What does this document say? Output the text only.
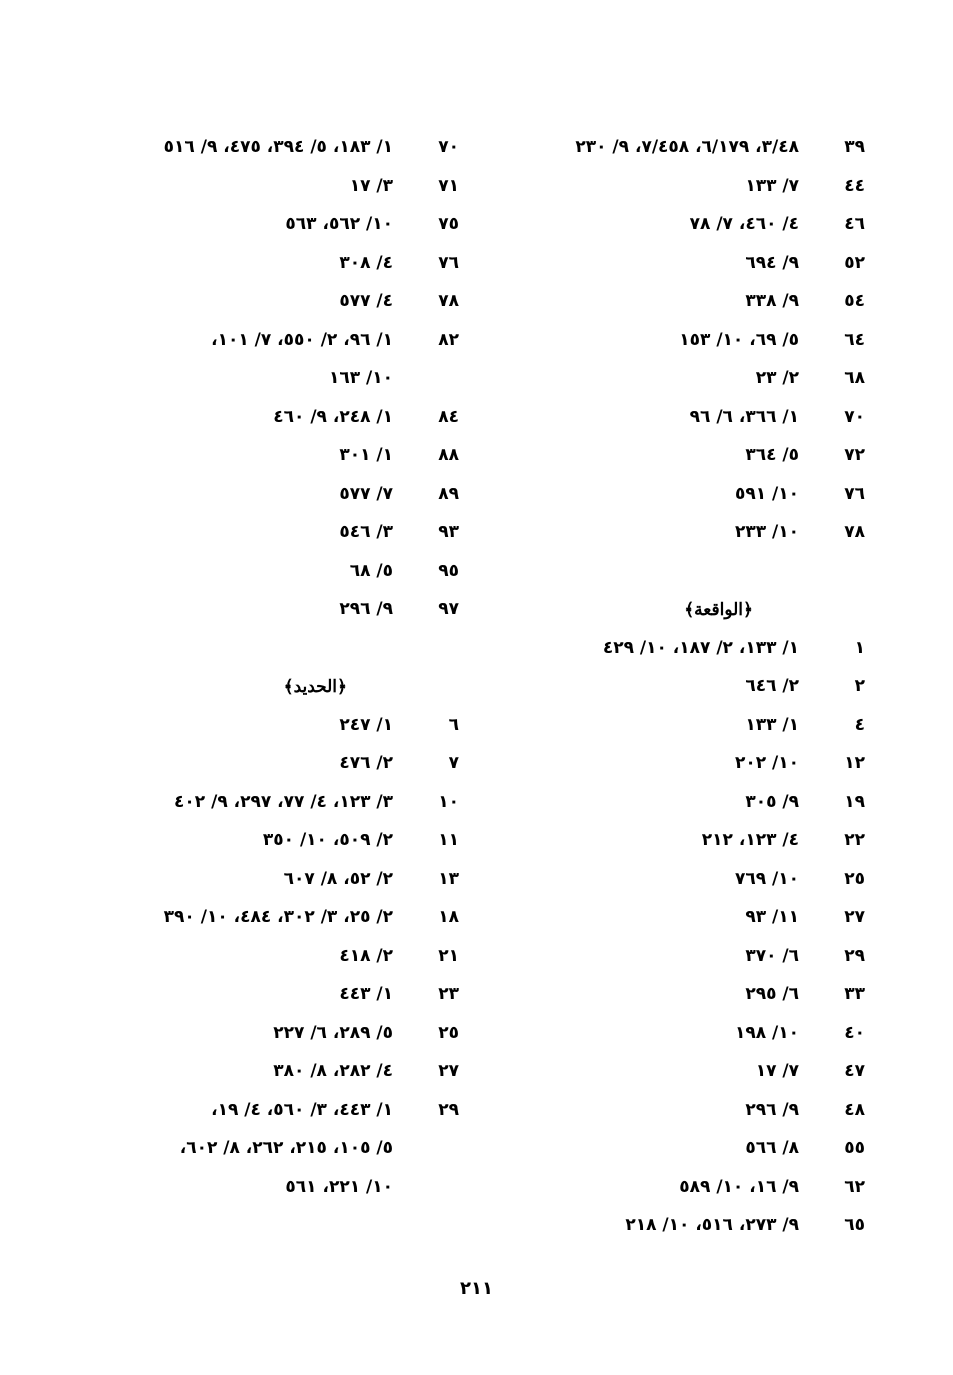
٣٩
٣/٤٨، ٦/١٧٩، ٧/٤٥٨، ٩/ ٢٣٠
٤٤
٧/ ١٣٣
٤٦
٤/ ٤٦٠، ٧/ ٧٨
٥٢
٩/ ٦٩٤
٥٤
٩/ ٣٣٨
٦٤
٥/ ٦٩، ١٠/ ١٥٣
٦٨
٢/ ٢٣
٧٠
١/ ٣٦٦، ٦/ ٩٦
٧٢
٥/ ٣٦٤
٧٦
١٠/ ٥٩١
٧٨
١٠/ ٢٣٣
﴿الواقعة﴾
١
١/ ١٣٣، ٢/ ١٨٧، ١٠/ ٤٢٩
٢
٢/ ٦٤٦
٤
١/ ١٣٣
١٢
١٠/ ٢٠٢
١٩
٩/ ٣٠٥
٢٢
٤/ ١٢٣، ٢١٢
٢٥
١٠/ ٧٦٩
٢٧
١١/ ٩٣
٢٩
٦/ ٣٧٠
٣٣
٦/ ٢٩٥
٤٠
١٠/ ١٩٨
٤٧
٧/ ١٧
٤٨
٩/ ٢٩٦
٥٥
٨/ ٥٦٦
٦٢
٩/ ١٦، ١٠/ ٥٨٩
٦٥
٩/ ٢٧٣، ٥١٦، ١٠/ ٢١٨
٧٠
١/ ١٨٣، ٥/ ٣٩٤، ٤٧٥، ٩/ ٥١٦
٧١
٣/ ١٧
٧٥
١٠/ ٥٦٢، ٥٦٣
٧٦
٤/ ٣٠٨
٧٨
٤/ ٥٧٧
٨٢
١/ ٩٦، ٢/ ٥٥٠، ٧/ ١٠١،
١٠/ ١٦٣
٨٤
١/ ٢٤٨، ٩/ ٤٦٠
٨٨
١/ ٣٠١
٨٩
٧/ ٥٧٧
٩٣
٣/ ٥٤٦
٩٥
٥/ ٦٨
٩٧
٩/ ٢٩٦
﴿الحديد﴾
٦
١/ ٢٤٧
٧
٢/ ٤٧٦
١٠
٣/ ١٢٣، ٤/ ٧٧، ٢٩٧، ٩/ ٤٠٢
١١
٢/ ٥٠٩، ١٠/ ٣٥٠
١٣
٢/ ٥٢، ٨/ ٦٠٧
١٨
٢/ ٢٥، ٣/ ٣٠٢، ٤٨٤، ١٠/ ٣٩٠
٢١
٢/ ٤١٨
٢٣
١/ ٤٤٣
٢٥
٥/ ٢٨٩، ٦/ ٢٢٧
٢٧
٤/ ٢٨٢، ٨/ ٣٨٠
٢٩
١/ ٤٤٣، ٣/ ٥٦٠، ٤/ ١٩،
٥/ ١٠٥، ٢١٥، ٢٦٢، ٨/ ٦٠٢،
١٠/ ٢٢١، ٥٦١
٢١١
